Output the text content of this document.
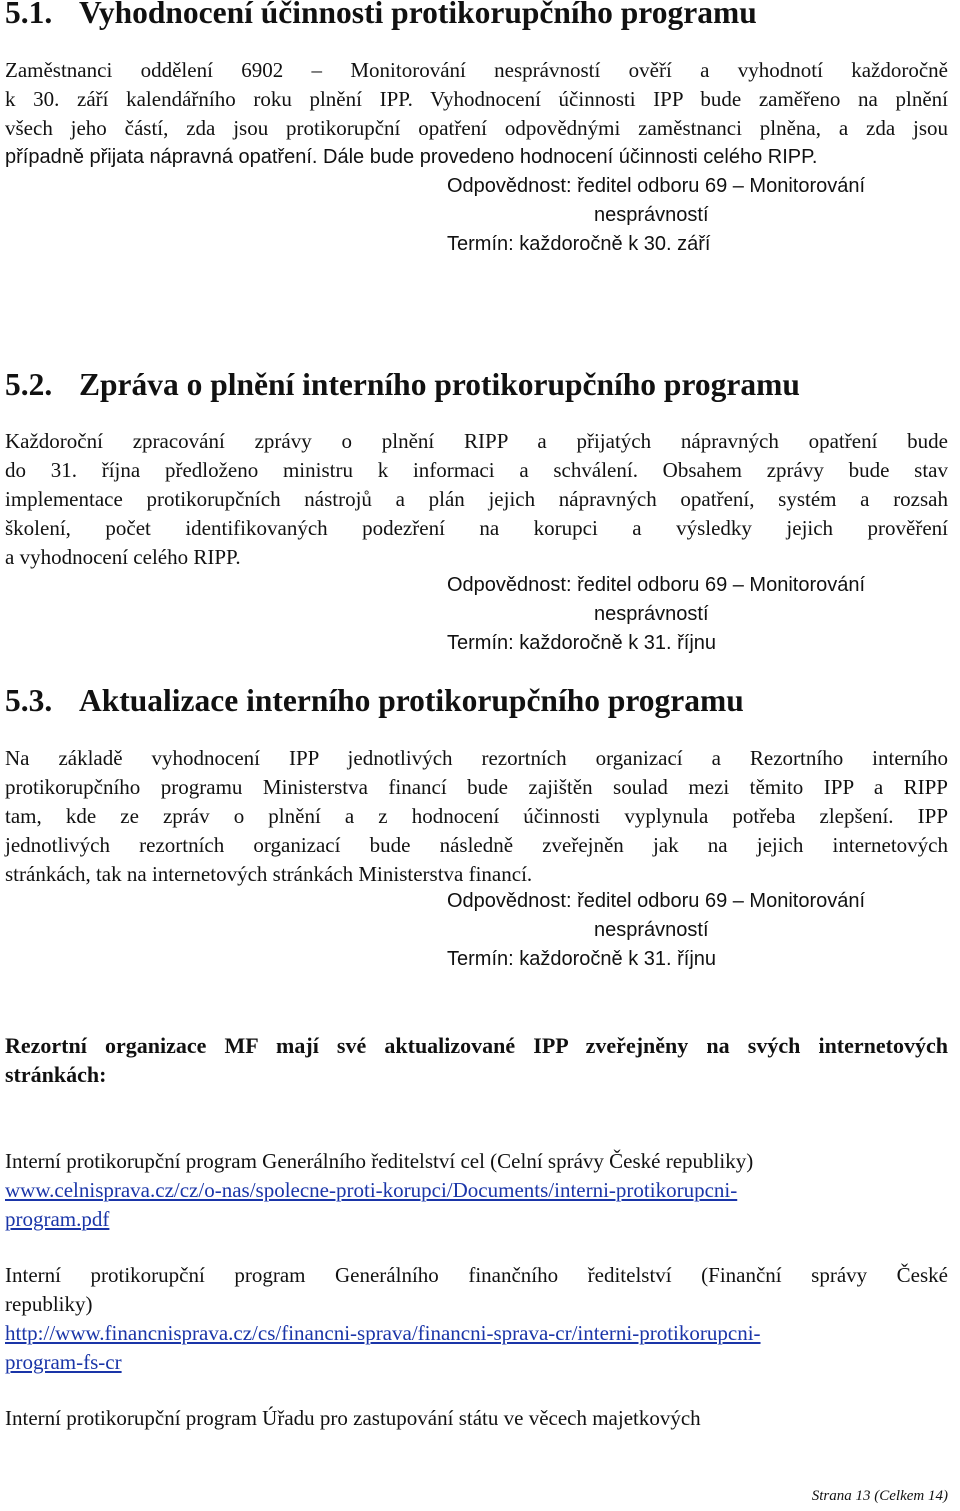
5.1. Vyhodnocení účinnosti protikorupčního programu
Zaměstnanci oddělení 6902 – Monitorování nesprávností ověří a vyhodnotí každoročně
k 30. září kalendářního roku plnění IPP. Vyhodnocení účinnosti IPP bude zaměřeno na plnění
všech jeho částí, zda jsou protikorupční opatření odpovědnými zaměstnanci plněna, a zda jsou
případně přijata nápravná opatření. Dále bude provedeno hodnocení účinnosti celého RIPP.
Odpovědnost: ředitel odboru 69 – Monitorování
nesprávností
Termín: každoročně k 30. září
5.2. Zpráva o plnění interního protikorupčního programu
Každoroční zpracování zprávy o plnění RIPP a přijatých nápravných opatření bude
do 31. října předloženo ministru k informaci a schválení. Obsahem zprávy bude stav
implementace protikorupčních nástrojů a plán jejich nápravných opatření, systém a rozsah
školení, počet identifikovaných podezření na korupci a výsledky jejich prověření
a vyhodnocení celého RIPP.
Odpovědnost: ředitel odboru 69 – Monitorování
nesprávností
Termín: každoročně k 31. říjnu
5.3. Aktualizace interního protikorupčního programu
Na základě vyhodnocení IPP jednotlivých rezortních organizací a Rezortního interního
protikorupčního programu Ministerstva financí bude zajištěn soulad mezi těmito IPP a RIPP
tam, kde ze zpráv o plnění a z hodnocení účinnosti vyplynula potřeba zlepšení. IPP
jednotlivých rezortních organizací bude následně zveřejněn jak na jejich internetových
stránkách, tak na internetových stránkách Ministerstva financí.
Odpovědnost: ředitel odboru 69 – Monitorování
nesprávností
Termín: každoročně k 31. říjnu
Rezortní organizace MF mají své aktualizované IPP zveřejněny na svých internetových
stránkách:
Interní protikorupční program Generálního ředitelství cel (Celní správy České republiky)
www.celnisprava.cz/cz/o-nas/spolecne-proti-korupci/Documents/interni-protikorupcni-
program.pdf
Interní protikorupční program Generálního finančního ředitelství (Finanční správy České
republiky)
http://www.financnisprava.cz/cs/financni-sprava/financni-sprava-cr/interni-protikorupcni-
program-fs-cr
Interní protikorupční program Úřadu pro zastupování státu ve věcech majetkových
Strana 13 (Celkem 14)
